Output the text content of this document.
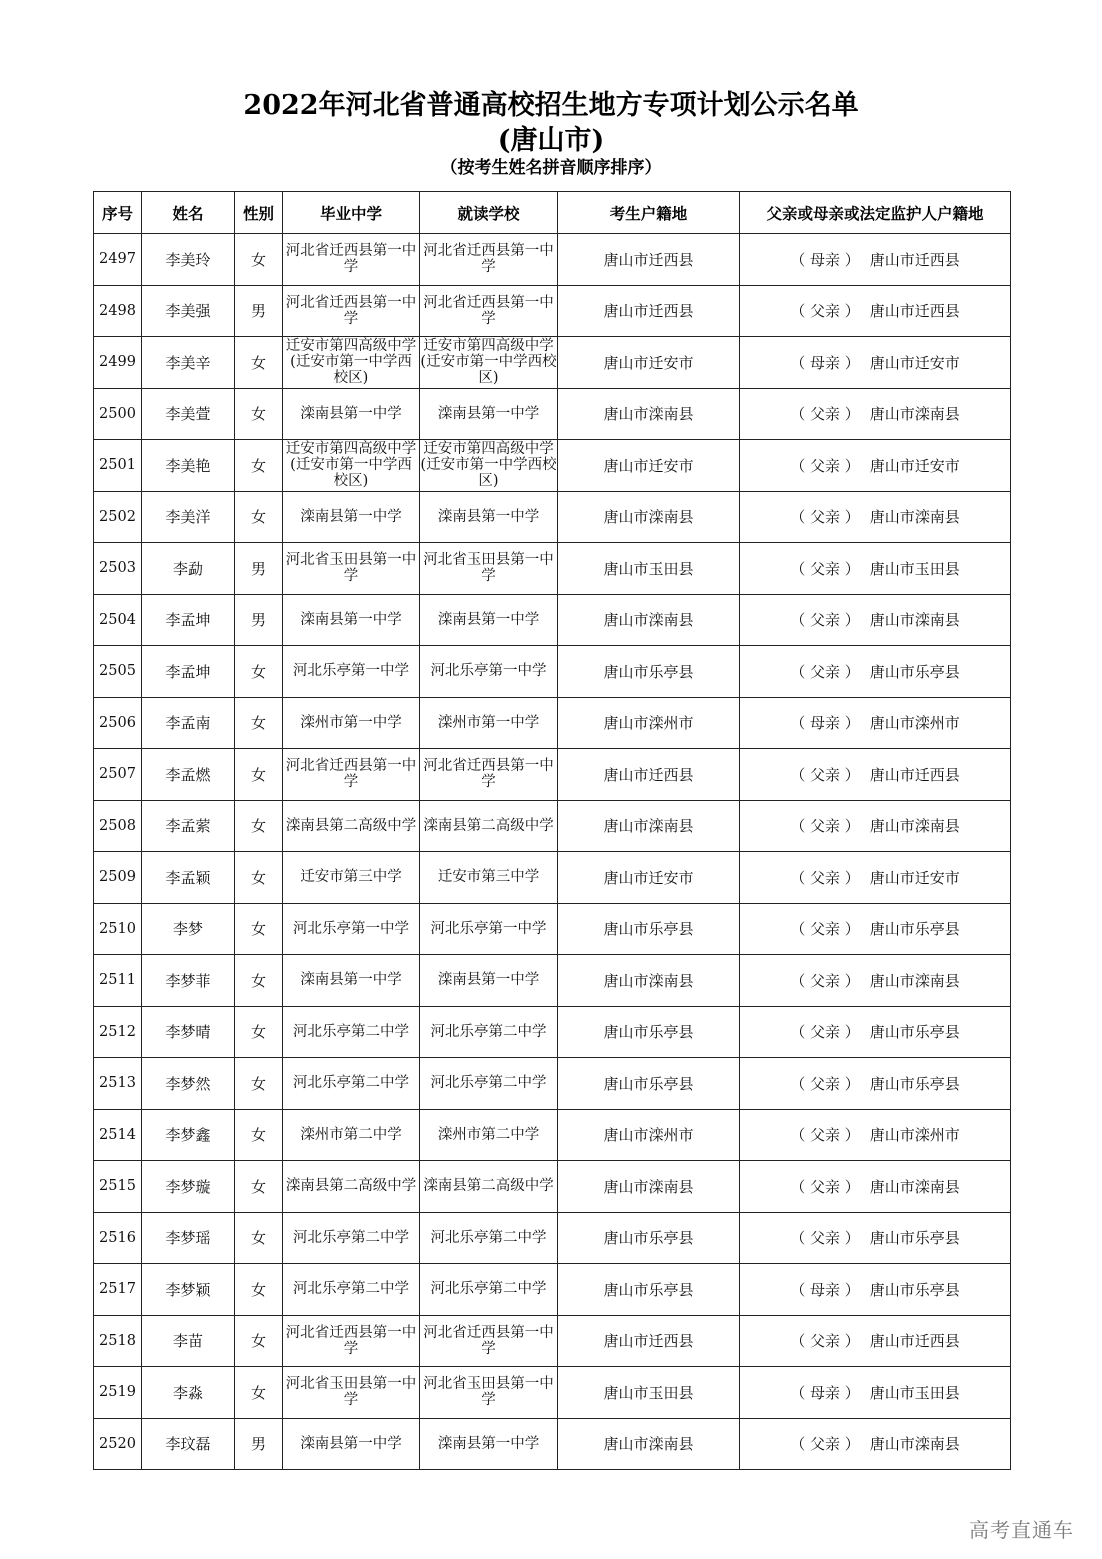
2022年河北省普通高校招生地方专项计划公示名单
(唐山市)
（按考生姓名拼音顺序排序）
序号	姓名	性别	毕业中学	就读学校	考生户籍地	父亲或母亲或法定监护人户籍地
2497	李美玲	女	河北省迁西县第一中学	河北省迁西县第一中学	唐山市迁西县	（ 母亲 ） 唐山市迁西县
2498	李美强	男	河北省迁西县第一中学	河北省迁西县第一中学	唐山市迁西县	（ 父亲 ） 唐山市迁西县
2499	李美辛	女	迁安市第四高级中学(迁安市第一中学西校区)	迁安市第四高级中学(迁安市第一中学西校区)	唐山市迁安市	（ 母亲 ） 唐山市迁安市
2500	李美萱	女	滦南县第一中学	滦南县第一中学	唐山市滦南县	（ 父亲 ） 唐山市滦南县
2501	李美艳	女	迁安市第四高级中学(迁安市第一中学西校区)	迁安市第四高级中学(迁安市第一中学西校区)	唐山市迁安市	（ 父亲 ） 唐山市迁安市
2502	李美洋	女	滦南县第一中学	滦南县第一中学	唐山市滦南县	（ 父亲 ） 唐山市滦南县
2503	李勐	男	河北省玉田县第一中学	河北省玉田县第一中学	唐山市玉田县	（ 父亲 ） 唐山市玉田县
2504	李孟坤	男	滦南县第一中学	滦南县第一中学	唐山市滦南县	（ 父亲 ） 唐山市滦南县
2505	李孟坤	女	河北乐亭第一中学	河北乐亭第一中学	唐山市乐亭县	（ 父亲 ） 唐山市乐亭县
2506	李孟南	女	滦州市第一中学	滦州市第一中学	唐山市滦州市	（ 母亲 ） 唐山市滦州市
2507	李孟燃	女	河北省迁西县第一中学	河北省迁西县第一中学	唐山市迁西县	（ 父亲 ） 唐山市迁西县
2508	李孟萦	女	滦南县第二高级中学	滦南县第二高级中学	唐山市滦南县	（ 父亲 ） 唐山市滦南县
2509	李孟颖	女	迁安市第三中学	迁安市第三中学	唐山市迁安市	（ 父亲 ） 唐山市迁安市
2510	李梦	女	河北乐亭第一中学	河北乐亭第一中学	唐山市乐亭县	（ 父亲 ） 唐山市乐亭县
2511	李梦菲	女	滦南县第一中学	滦南县第一中学	唐山市滦南县	（ 父亲 ） 唐山市滦南县
2512	李梦晴	女	河北乐亭第二中学	河北乐亭第二中学	唐山市乐亭县	（ 父亲 ） 唐山市乐亭县
2513	李梦然	女	河北乐亭第二中学	河北乐亭第二中学	唐山市乐亭县	（ 父亲 ） 唐山市乐亭县
2514	李梦鑫	女	滦州市第二中学	滦州市第二中学	唐山市滦州市	（ 父亲 ） 唐山市滦州市
2515	李梦璇	女	滦南县第二高级中学	滦南县第二高级中学	唐山市滦南县	（ 父亲 ） 唐山市滦南县
2516	李梦瑶	女	河北乐亭第二中学	河北乐亭第二中学	唐山市乐亭县	（ 父亲 ） 唐山市乐亭县
2517	李梦颖	女	河北乐亭第二中学	河北乐亭第二中学	唐山市乐亭县	（ 母亲 ） 唐山市乐亭县
2518	李苗	女	河北省迁西县第一中学	河北省迁西县第一中学	唐山市迁西县	（ 父亲 ） 唐山市迁西县
2519	李淼	女	河北省玉田县第一中学	河北省玉田县第一中学	唐山市玉田县	（ 母亲 ） 唐山市玉田县
2520	李玟磊	男	滦南县第一中学	滦南县第一中学	唐山市滦南县	（ 父亲 ） 唐山市滦南县
高考直通车
